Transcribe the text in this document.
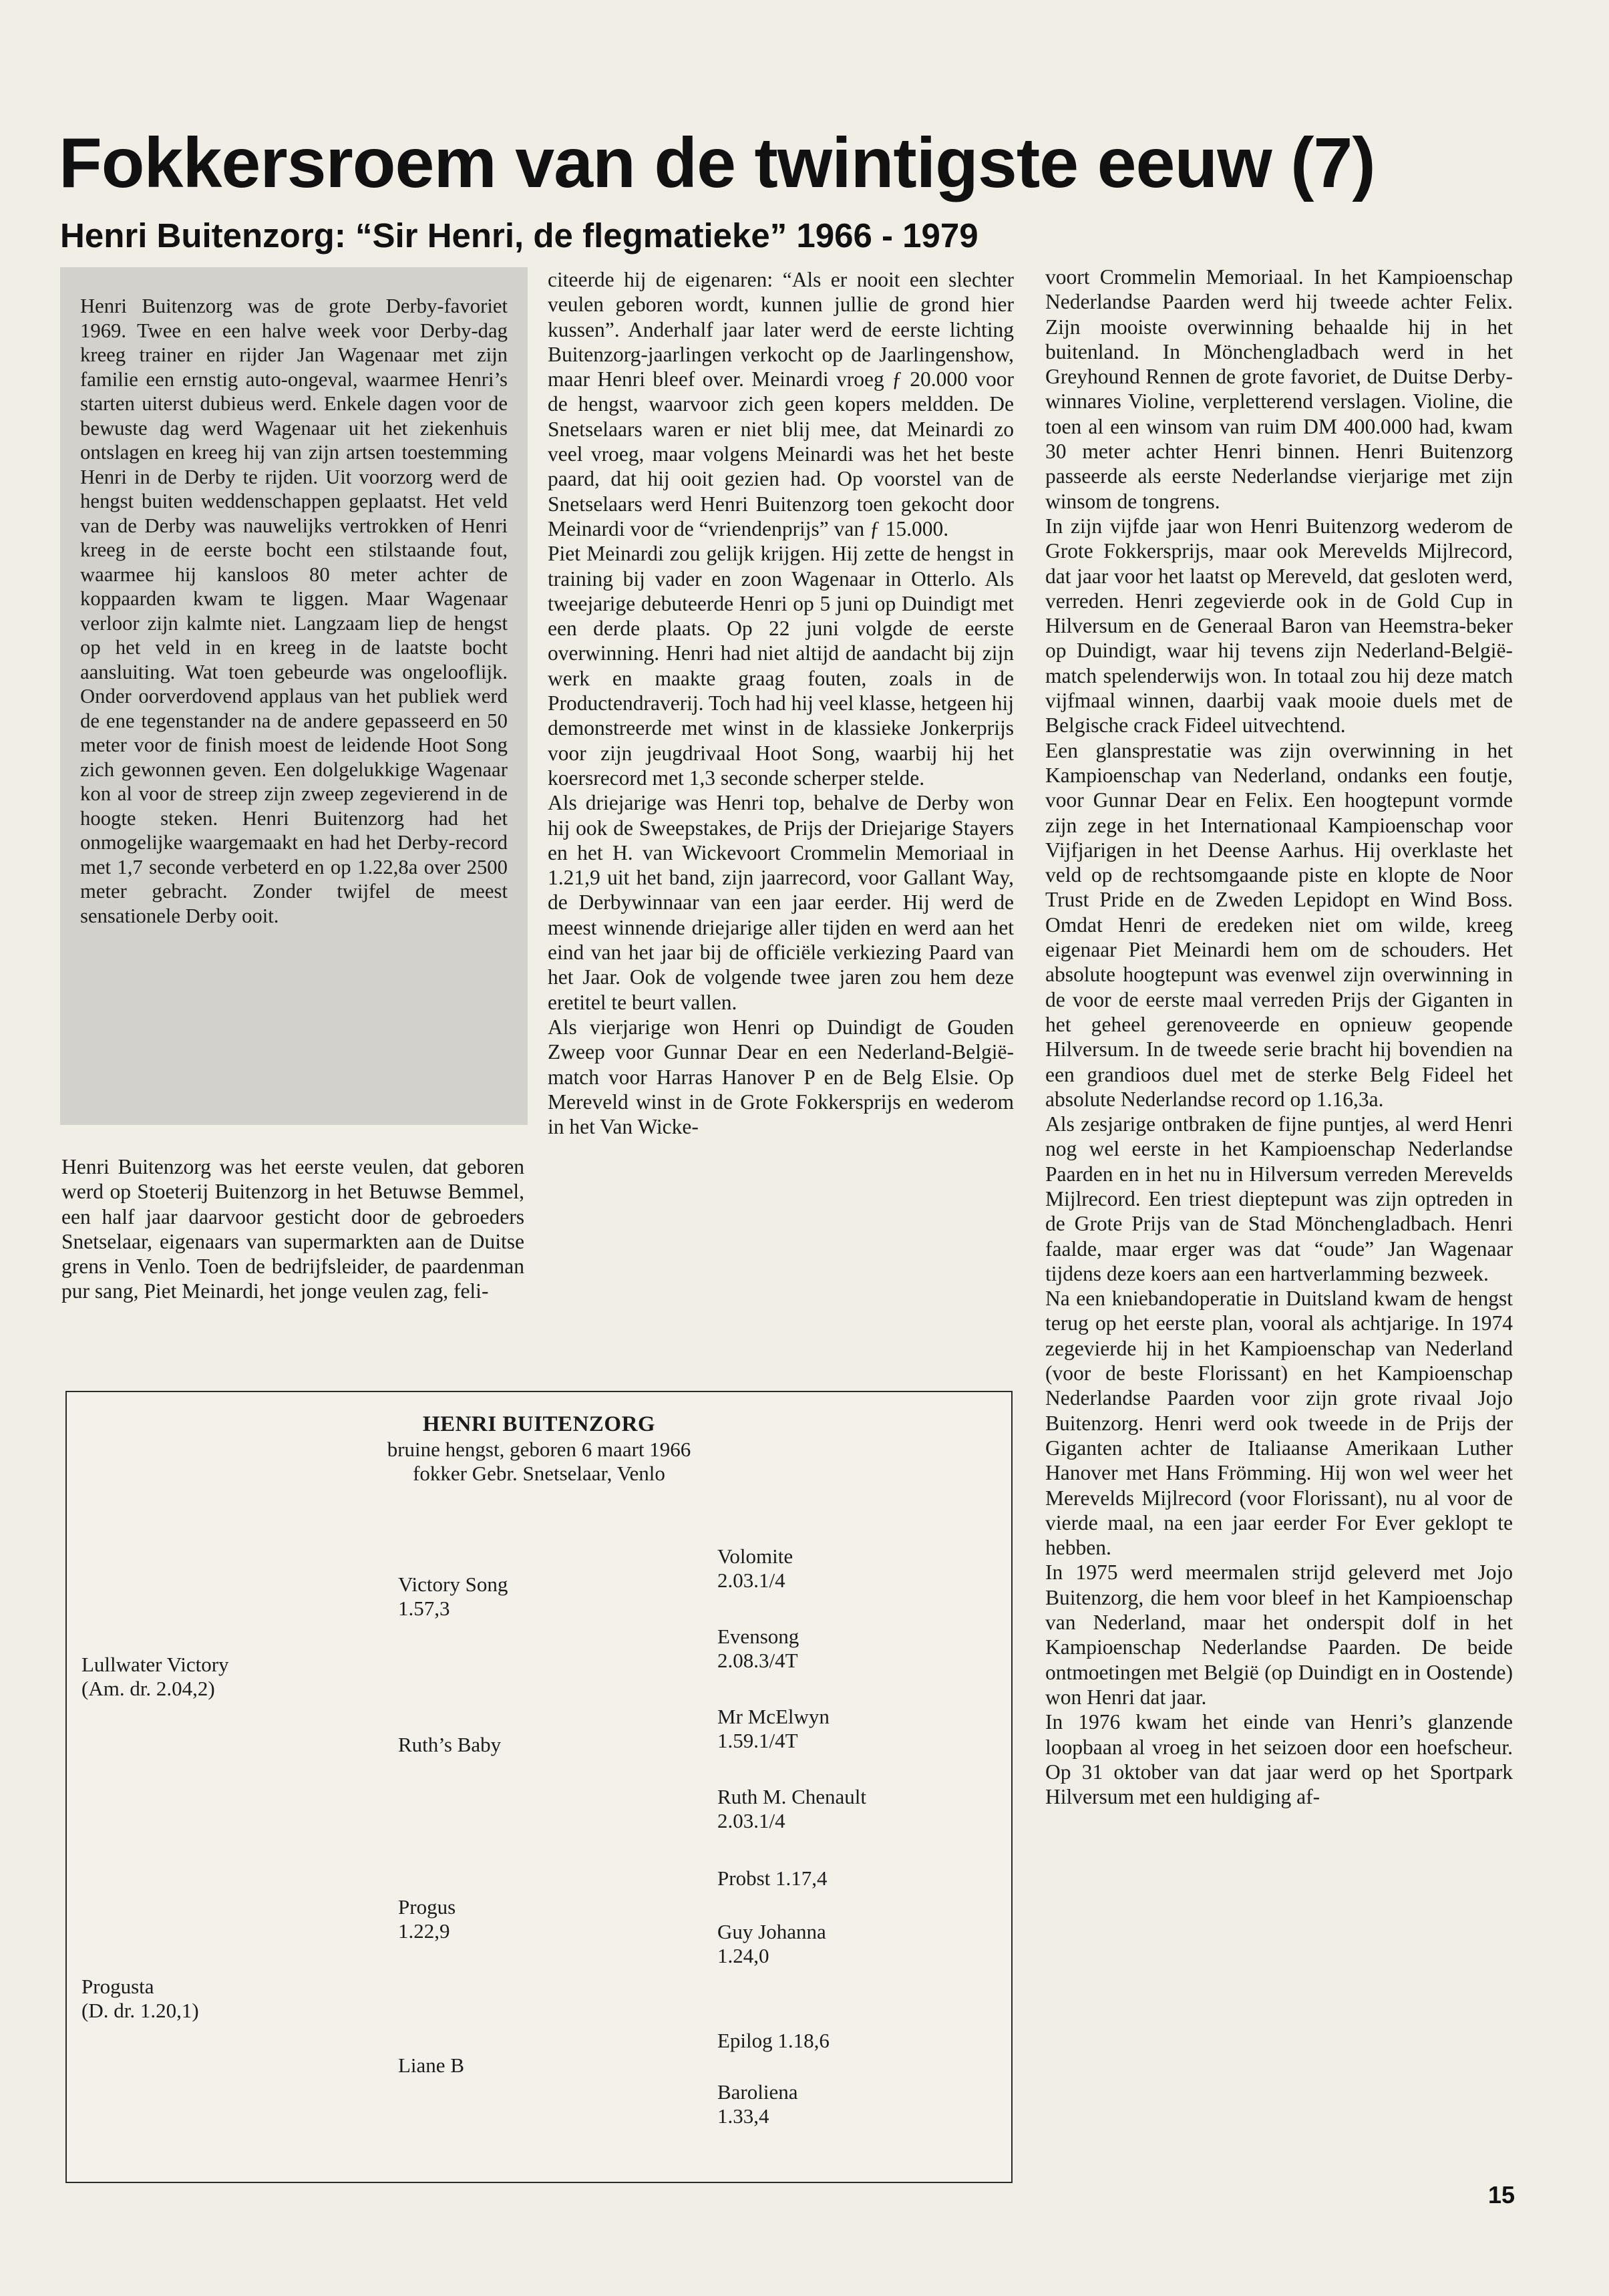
Fokkersroem van de twintigste eeuw (7)
Henri Buitenzorg: “Sir Henri, de flegmatieke” 1966 - 1979

Henri Buitenzorg was de grote Derby-favoriet 1969. Twee en een halve week voor Derby-dag kreeg trainer en rijder Jan Wagenaar met zijn familie een ernstig auto-ongeval, waarmee Henri’s starten uiterst dubieus werd. Enkele dagen voor de bewuste dag werd Wagenaar uit het ziekenhuis ontslagen en kreeg hij van zijn artsen toestemming Henri in de Derby te rijden. Uit voorzorg werd de hengst buiten weddenschappen geplaatst. Het veld van de Derby was nauwelijks vertrokken of Henri kreeg in de eerste bocht een stilstaande fout, waarmee hij kansloos 80 meter achter de koppaarden kwam te liggen. Maar Wagenaar verloor zijn kalmte niet. Langzaam liep de hengst op het veld in en kreeg in de laatste bocht aansluiting. Wat toen gebeurde was ongelooflijk. Onder oorverdovend applaus van het publiek werd de ene tegenstander na de andere gepasseerd en 50 meter voor de finish moest de leidende Hoot Song zich gewonnen geven. Een dolgelukkige Wagenaar kon al voor de streep zijn zweep zegevierend in de hoogte steken. Henri Buitenzorg had het onmogelijke waargemaakt en had het Derby-record met 1,7 seconde verbeterd en op 1.22,8a over 2500 meter gebracht. Zonder twijfel de meest sensationele Derby ooit.

Henri Buitenzorg was het eerste veulen, dat geboren werd op Stoeterij Buitenzorg in het Betuwse Bemmel, een half jaar daarvoor gesticht door de gebroeders Snetselaar, eigenaars van supermarkten aan de Duitse grens in Venlo. Toen de bedrijfsleider, de paardenman pur sang, Piet Meinardi, het jonge veulen zag, feli-

citeerde hij de eigenaren: “Als er nooit een slechter veulen geboren wordt, kunnen jullie de grond hier kussen”. Anderhalf jaar later werd de eerste lichting Buitenzorg-jaarlingen verkocht op de Jaarlingenshow, maar Henri bleef over. Meinardi vroeg ƒ 20.000 voor de hengst, waarvoor zich geen kopers meldden. De Snetselaars waren er niet blij mee, dat Meinardi zo veel vroeg, maar volgens Meinardi was het het beste paard, dat hij ooit gezien had. Op voorstel van de Snetselaars werd Henri Buitenzorg toen gekocht door Meinardi voor de “vriendenprijs” van ƒ 15.000.

Piet Meinardi zou gelijk krijgen. Hij zette de hengst in training bij vader en zoon Wagenaar in Otterlo. Als tweejarige debuteerde Henri op 5 juni op Duindigt met een derde plaats. Op 22 juni volgde de eerste overwinning. Henri had niet altijd de aandacht bij zijn werk en maakte graag fouten, zoals in de Productendraverij. Toch had hij veel klasse, hetgeen hij demonstreerde met winst in de klassieke Jonkerprijs voor zijn jeugdrivaal Hoot Song, waarbij hij het koersrecord met 1,3 seconde scherper stelde.

Als driejarige was Henri top, behalve de Derby won hij ook de Sweepstakes, de Prijs der Driejarige Stayers en het H. van Wickevoort Crommelin Memoriaal in 1.21,9 uit het band, zijn jaarrecord, voor Gallant Way, de Derbywinnaar van een jaar eerder. Hij werd de meest winnende driejarige aller tijden en werd aan het eind van het jaar bij de officiële verkiezing Paard van het Jaar. Ook de volgende twee jaren zou hem deze eretitel te beurt vallen.

Als vierjarige won Henri op Duindigt de Gouden Zweep voor Gunnar Dear en een Nederland-België-match voor Harras Hanover P en de Belg Elsie. Op Mereveld winst in de Grote Fokkersprijs en wederom in het Van Wicke-

voort Crommelin Memoriaal. In het Kampioenschap Nederlandse Paarden werd hij tweede achter Felix. Zijn mooiste overwinning behaalde hij in het buitenland. In Mönchengladbach werd in het Greyhound Rennen de grote favoriet, de Duitse Derby-winnares Violine, verpletterend verslagen. Violine, die toen al een winsom van ruim DM 400.000 had, kwam 30 meter achter Henri binnen. Henri Buitenzorg passeerde als eerste Nederlandse vierjarige met zijn winsom de tongrens.

In zijn vijfde jaar won Henri Buitenzorg wederom de Grote Fokkersprijs, maar ook Merevelds Mijlrecord, dat jaar voor het laatst op Mereveld, dat gesloten werd, verreden. Henri zegevierde ook in de Gold Cup in Hilversum en de Generaal Baron van Heemstra-beker op Duindigt, waar hij tevens zijn Nederland-België-match spelenderwijs won. In totaal zou hij deze match vijfmaal winnen, daarbij vaak mooie duels met de Belgische crack Fideel uitvechtend.

Een glansprestatie was zijn overwinning in het Kampioenschap van Nederland, ondanks een foutje, voor Gunnar Dear en Felix. Een hoogtepunt vormde zijn zege in het Internationaal Kampioenschap voor Vijfjarigen in het Deense Aarhus. Hij overklaste het veld op de rechtsomgaande piste en klopte de Noor Trust Pride en de Zweden Lepidopt en Wind Boss. Omdat Henri de eredeken niet om wilde, kreeg eigenaar Piet Meinardi hem om de schouders. Het absolute hoogtepunt was evenwel zijn overwinning in de voor de eerste maal verreden Prijs der Giganten in het geheel gerenoveerde en opnieuw geopende Hilversum. In de tweede serie bracht hij bovendien na een grandioos duel met de sterke Belg Fideel het absolute Nederlandse record op 1.16,3a.

Als zesjarige ontbraken de fijne puntjes, al werd Henri nog wel eerste in het Kampioenschap Nederlandse Paarden en in het nu in Hilversum verreden Merevelds Mijlrecord. Een triest dieptepunt was zijn optreden in de Grote Prijs van de Stad Mönchengladbach. Henri faalde, maar erger was dat “oude” Jan Wagenaar tijdens deze koers aan een hartverlamming bezweek.

Na een kniebandoperatie in Duitsland kwam de hengst terug op het eerste plan, vooral als achtjarige. In 1974 zegevierde hij in het Kampioenschap van Nederland (voor de beste Florissant) en het Kampioenschap Nederlandse Paarden voor zijn grote rivaal Jojo Buitenzorg. Henri werd ook tweede in de Prijs der Giganten achter de Italiaanse Amerikaan Luther Hanover met Hans Frömming. Hij won wel weer het Merevelds Mijlrecord (voor Florissant), nu al voor de vierde maal, na een jaar eerder For Ever geklopt te hebben.

In 1975 werd meermalen strijd geleverd met Jojo Buitenzorg, die hem voor bleef in het Kampioenschap van Nederland, maar het onderspit dolf in het Kampioenschap Nederlandse Paarden. De beide ontmoetingen met België (op Duindigt en in Oostende) won Henri dat jaar.

In 1976 kwam het einde van Henri’s glanzende loopbaan al vroeg in het seizoen door een hoefscheur. Op 31 oktober van dat jaar werd op het Sportpark Hilversum met een huldiging af-

HENRI BUITENZORG
bruine hengst, geboren 6 maart 1966
fokker Gebr. Snetselaar, Venlo
Lullwater Victory
(Am. dr. 2.04,2)
Progusta
(D. dr. 1.20,1)
Victory Song
1.57,3
Ruth’s Baby
Progus
1.22,9
Liane B
Volomite
2.03.1/4
Evensong
2.08.3/4T
Mr McElwyn
1.59.1/4T
Ruth M. Chenault
2.03.1/4
Probst 1.17,4
Guy Johanna
1.24,0
Epilog 1.18,6
Baroliena
1.33,4
15
